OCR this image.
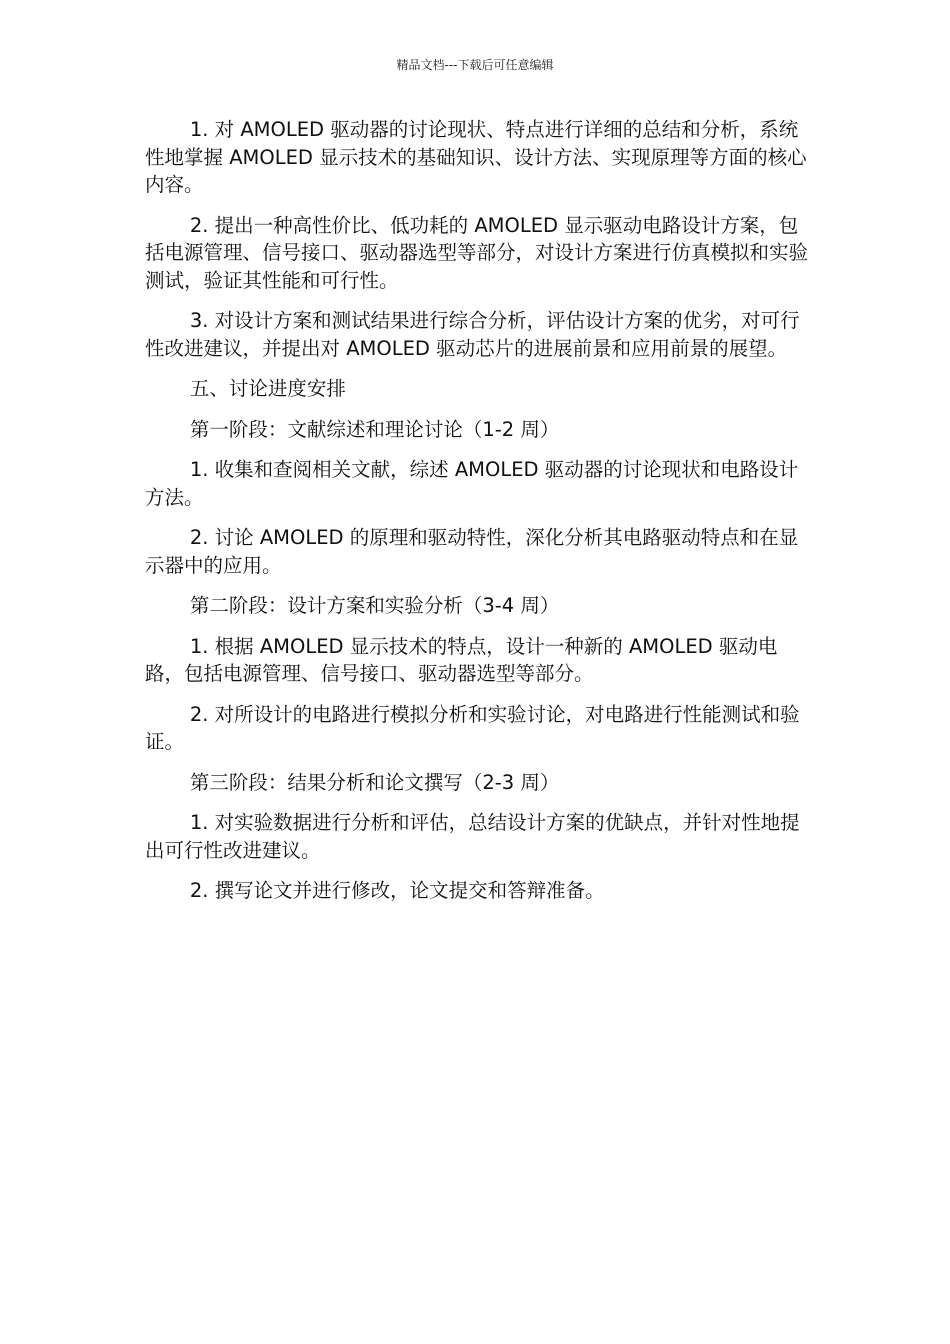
精品文档---下载后可任意编辑

1. 对 AMOLED 驱动器的讨论现状、特点进行详细的总结和分析，系统性地掌握 AMOLED 显示技术的基础知识、设计方法、实现原理等方面的核心内容。

2. 提出一种高性价比、低功耗的 AMOLED 显示驱动电路设计方案，包括电源管理、信号接口、驱动器选型等部分，对设计方案进行仿真模拟和实验测试，验证其性能和可行性。

3. 对设计方案和测试结果进行综合分析，评估设计方案的优劣，对可行性改进建议，并提出对 AMOLED 驱动芯片的进展前景和应用前景的展望。

五、讨论进度安排

第一阶段：文献综述和理论讨论（1-2 周）

1. 收集和查阅相关文献，综述 AMOLED 驱动器的讨论现状和电路设计方法。

2. 讨论 AMOLED 的原理和驱动特性，深化分析其电路驱动特点和在显示器中的应用。

第二阶段：设计方案和实验分析（3-4 周）

1. 根据 AMOLED 显示技术的特点，设计一种新的 AMOLED 驱动电路，包括电源管理、信号接口、驱动器选型等部分。

2. 对所设计的电路进行模拟分析和实验讨论，对电路进行性能测试和验证。

第三阶段：结果分析和论文撰写（2-3 周）

1. 对实验数据进行分析和评估，总结设计方案的优缺点，并针对性地提出可行性改进建议。

2. 撰写论文并进行修改，论文提交和答辩准备。
